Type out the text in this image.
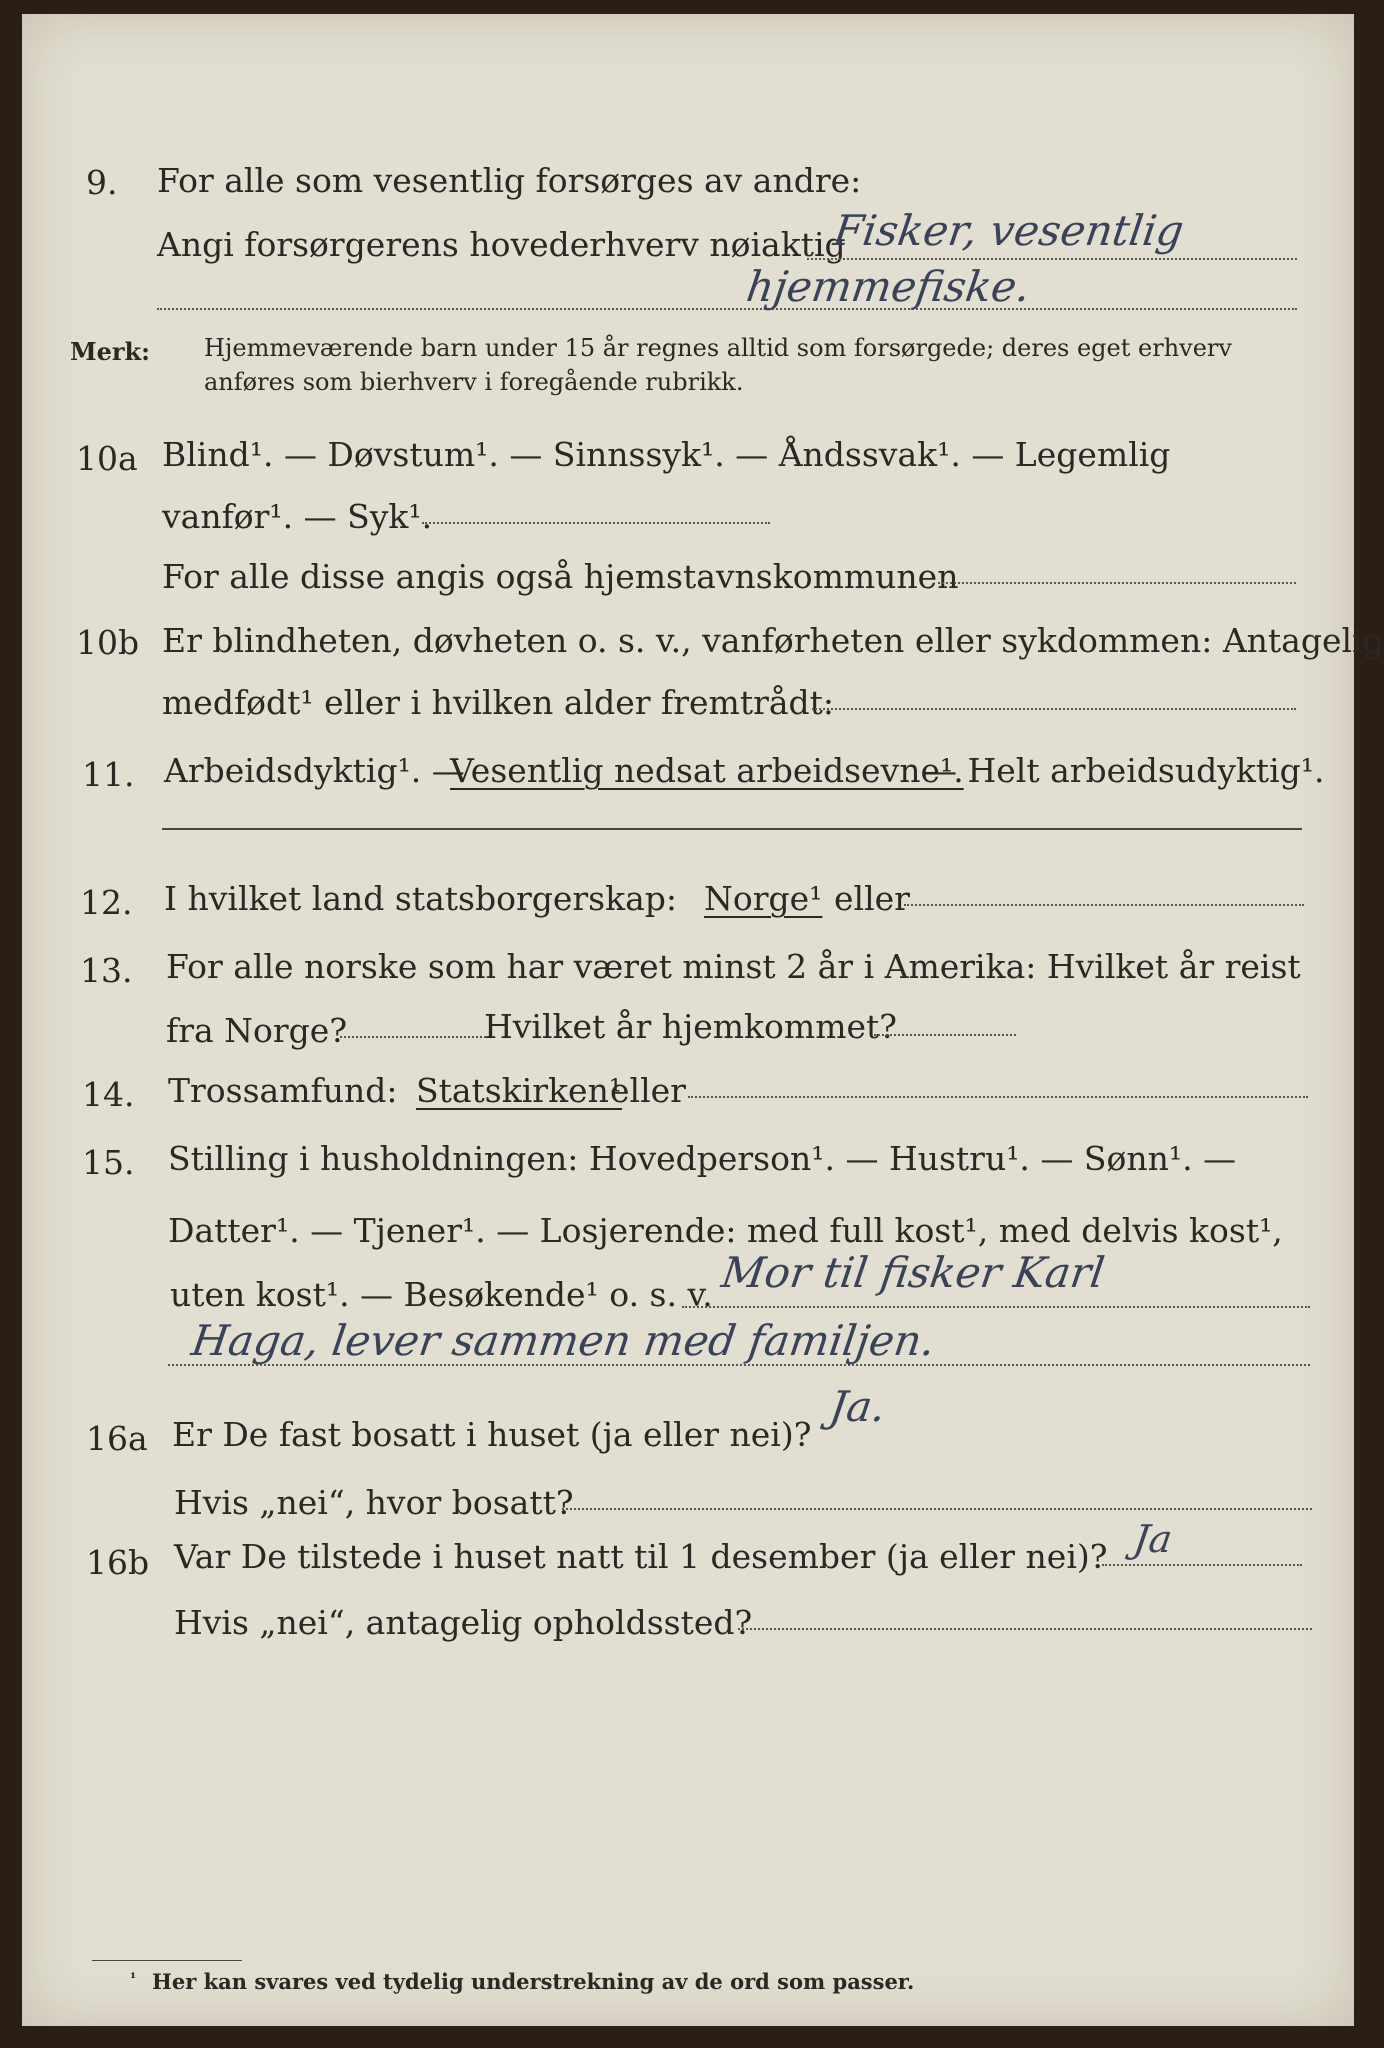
9. For alle som vesentlig forsørges av andre:
Angi forsørgerens hovederhverv nøiaktig
Fisker, vesentlig
hjemmefiske.
Merk: Hjemmeværende barn under 15 år regnes alltid som forsørgede; deres eget erhverv
anføres som bierhverv i foregående rubrikk.
10a Blind¹. — Døvstum¹. — Sinnssyk¹. — Åndssvak¹. — Legemlig
vanfør¹. — Syk¹.
For alle disse angis også hjemstavnskommunen
10b Er blindheten, døvheten o. s. v., vanførheten eller sykdommen: Antagelig
medfødt¹ eller i hvilken alder fremtrådt:
11. Arbeidsdyktig¹. —
Vesentlig nedsat arbeidsevne¹.
— Helt arbeidsudyktig¹.
12. I hvilket land statsborgerskap: Norge¹ eller
13. For alle norske som har været minst 2 år i Amerika: Hvilket år reist
fra Norge?	Hvilket år hjemkommet?
14. Trossamfund: Statskirken¹
eller
15. Stilling i husholdningen: Hovedperson¹. — Hustru¹. — Sønn¹. —
Datter¹. — Tjener¹. — Losjerende: med full kost¹, med delvis kost¹,
uten kost¹. — Besøkende¹ o. s. v. Mor til fisker Karl
Haga, lever sammen med familjen.
16a Er De fast bosatt i huset (ja eller nei)?
Ja.
Hvis „nei“, hvor bosatt?
16b Var De tilstede i huset natt til 1 desember (ja eller nei)? Ja
Hvis „nei“, antagelig opholdssted?
¹ Her kan svares ved tydelig understrekning av de ord som passer.
